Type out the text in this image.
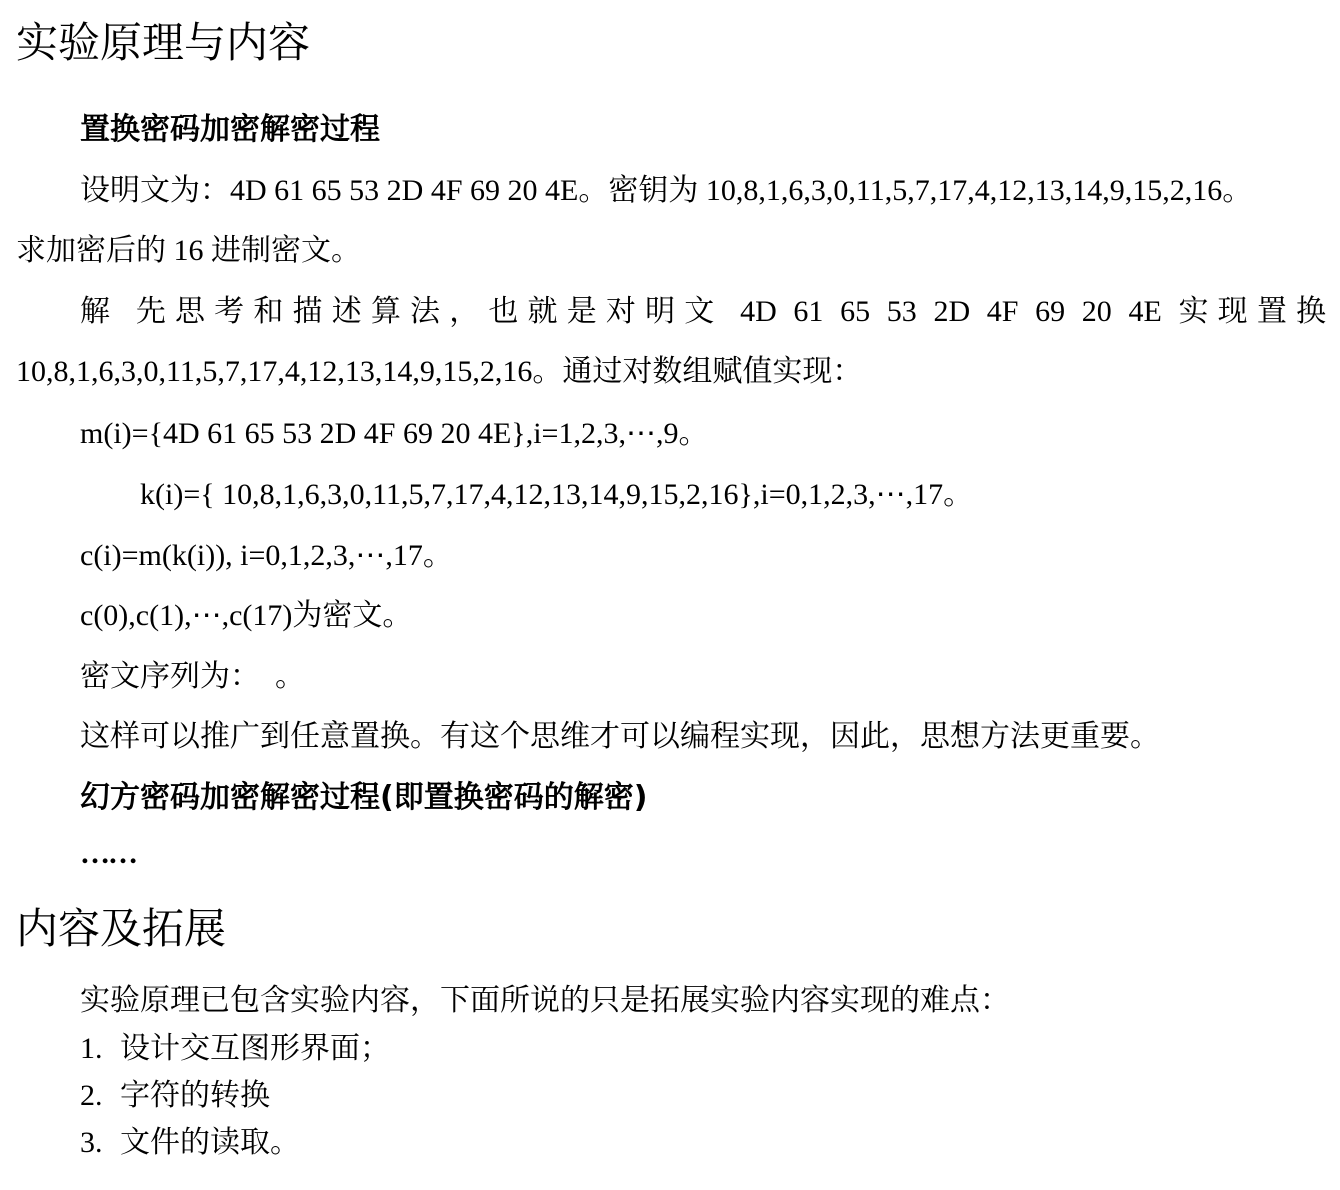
实验原理与内容
置换密码加密解密过程

设明文为：4D 61 65 53 2D 4F 69 20 4E。密钥为 10,8,1,6,3,0,11,5,7,17,4,12,13,14,9,15,2,16。

求加密后的 16 进制密文。

解 先思考和描述算法，也就是对明文 4D 61 65 53 2D 4F 69 20 4E 实现置换

10,8,1,6,3,0,11,5,7,17,4,12,13,14,9,15,2,16。通过对数组赋值实现：

m(i)={4D 61 65 53 2D 4F 69 20 4E},i=1,2,3,⋯,9。

k(i)={ 10,8,1,6,3,0,11,5,7,17,4,12,13,14,9,15,2,16},i=0,1,2,3,⋯,17。

c(i)=m(k(i)), i=0,1,2,3,⋯,17。

c(0),c(1),⋯,c(17)为密文。

密文序列为：  。

这样可以推广到任意置换。有这个思维才可以编程实现，因此，思想方法更重要。

幻方密码加密解密过程(即置换密码的解密)
……
内容及拓展

实验原理已包含实验内容，下面所说的只是拓展实验内容实现的难点：

1. 设计交互图形界面；
2. 字符的转换
3. 文件的读取。
